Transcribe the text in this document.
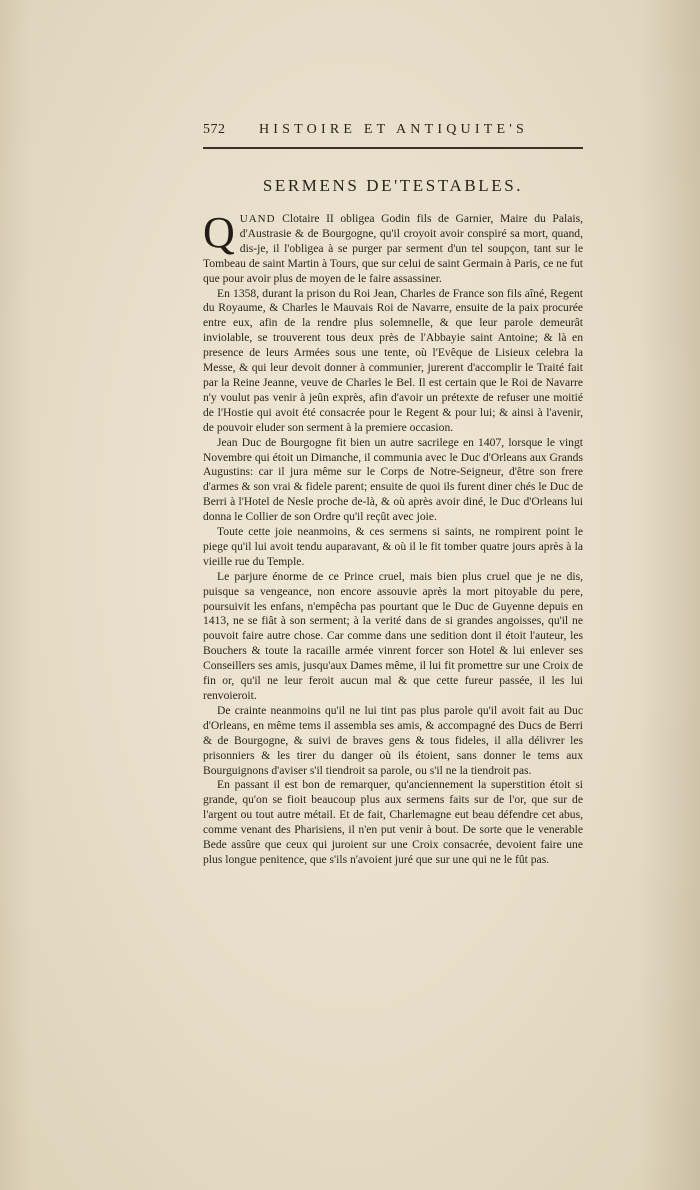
572 HISTOIRE ET ANTIQUITE'S
SERMENS DE'TESTABLES.

QUAND Clotaire II obligea Godin fils de Garnier, Maire du Palais, d'Austrasie & de Bourgogne, qu'il croyoit avoir conspiré sa mort, quand, dis-je, il l'obligea à se purger par serment d'un tel soupçon, tant sur le Tombeau de saint Martin à Tours, que sur celui de saint Germain à Paris, ce ne fut que pour avoir plus de moyen de le faire assassiner.

En 1358, durant la prison du Roi Jean, Charles de France son fils aîné, Regent du Royaume, & Charles le Mauvais Roi de Navarre, ensuite de la paix procurée entre eux, afin de la rendre plus solemnelle, & que leur parole demeurât inviolable, se trouverent tous deux près de l'Abbayie saint Antoine; & là en presence de leurs Armées sous une tente, où l'Evêque de Lisieux celebra la Messe, & qui leur devoit donner à communier, jurerent d'accomplir le Traité fait par la Reine Jeanne, veuve de Charles le Bel. Il est certain que le Roi de Navarre n'y voulut pas venir à jeûn exprès, afin d'avoir un prétexte de refuser une moitié de l'Hostie qui avoit été consacrée pour le Regent & pour lui; & ainsi à l'avenir, de pouvoir eluder son serment à la premiere occasion.

Jean Duc de Bourgogne fit bien un autre sacrilege en 1407, lorsque le vingt Novembre qui étoit un Dimanche, il communia avec le Duc d'Orleans aux Grands Augustins: car il jura même sur le Corps de Notre-Seigneur, d'être son frere d'armes & son vrai & fidele parent; ensuite de quoi ils furent diner chés le Duc de Berri à l'Hotel de Nesle proche de-là, & où après avoir diné, le Duc d'Orleans lui donna le Collier de son Ordre qu'il reçût avec joie.

Toute cette joie neanmoins, & ces sermens si saints, ne rompirent point le piege qu'il lui avoit tendu auparavant, & où il le fit tomber quatre jours après à la vieille rue du Temple.

Le parjure énorme de ce Prince cruel, mais bien plus cruel que je ne dis, puisque sa vengeance, non encore assouvie après la mort pitoyable du pere, poursuivit les enfans, n'empêcha pas pourtant que le Duc de Guyenne depuis en 1413, ne se fiât à son serment; à la verité dans de si grandes angoisses, qu'il ne pouvoit faire autre chose. Car comme dans une sedition dont il étoit l'auteur, les Bouchers & toute la racaille armée vinrent forcer son Hotel & lui enlever ses Conseillers ses amis, jusqu'aux Dames même, il lui fit promettre sur une Croix de fin or, qu'il ne leur feroit aucun mal & que cette fureur passée, il les lui renvoieroit.

De crainte neanmoins qu'il ne lui tint pas plus parole qu'il avoit fait au Duc d'Orleans, en même tems il assembla ses amis, & accompagné des Ducs de Berri & de Bourgogne, & suivi de braves gens & tous fideles, il alla délivrer les prisonniers & les tirer du danger où ils étoient, sans donner le tems aux Bourguignons d'aviser s'il tiendroit sa parole, ou s'il ne la tiendroit pas.

En passant il est bon de remarquer, qu'anciennement la superstition étoit si grande, qu'on se fioit beaucoup plus aux sermens faits sur de l'or, que sur de l'argent ou tout autre métail. Et de fait, Charlemagne eut beau défendre cet abus, comme venant des Pharisiens, il n'en put venir à bout. De sorte que le venerable Bede assûre que ceux qui juroient sur une Croix consacrée, devoient faire une plus longue penitence, que s'ils n'avoient juré que sur une qui ne le fût pas.
